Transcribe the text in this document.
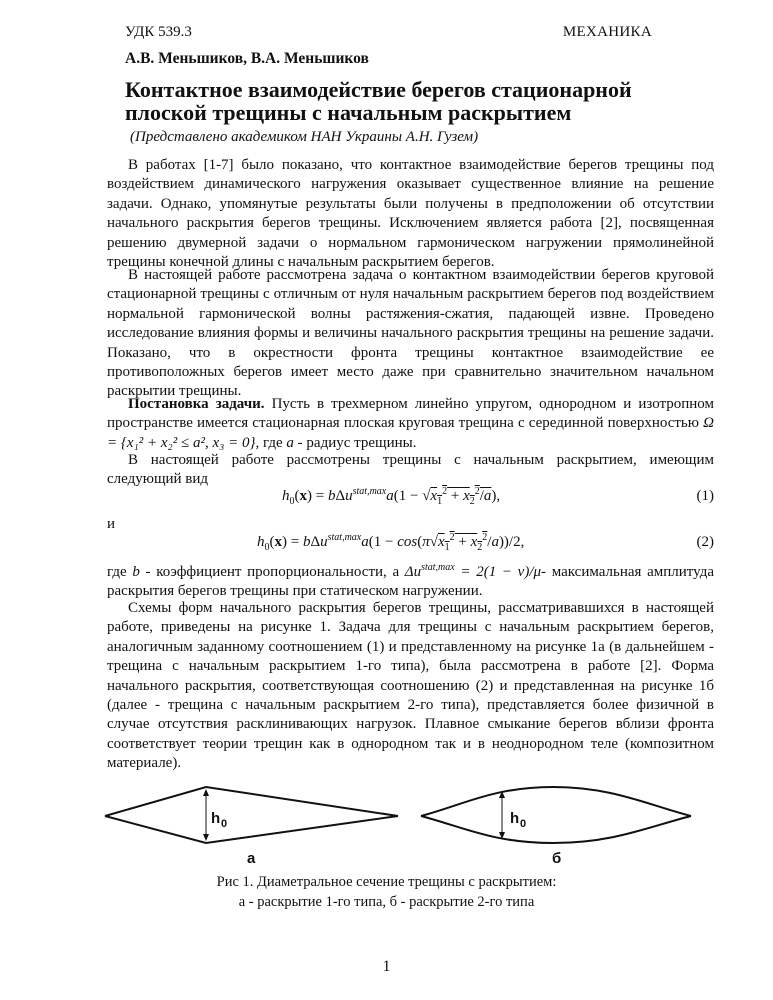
УДК 539.3	МЕХАНИКА
А.В. Меньшиков, В.А. Меньшиков
Контактное взаимодействие берегов стационарной плоской трещины с начальным раскрытием
(Представлено академиком НАН Украины А.Н. Гузем)

В работах [1-7] было показано, что контактное взаимодействие берегов трещины под воздействием динамического нагружения оказывает существенное влияние на решение задачи. Однако, упомянутые результаты были получены в предположении об отсутствии начального раскрытия берегов трещины. Исключением является работа [2], посвященная решению двумерной задачи о нормальном гармоническом нагружении прямолинейной трещины конечной длины с начальным раскрытием берегов.

В настоящей работе рассмотрена задача о контактном взаимодействии берегов круговой стационарной трещины с отличным от нуля начальным раскрытием берегов под воздействием нормальной гармонической волны растяжения-сжатия, падающей извне. Проведено исследование влияния формы и величины начального раскрытия трещины на решение задачи. Показано, что в окрестности фронта трещины контактное взаимодействие ее противоположных берегов имеет место даже при сравнительно значительном начальном раскрытии трещины.

Постановка задачи. Пусть в трехмерном линейно упругом, однородном и изотропном пространстве имеется стационарная плоская круговая трещина с серединной поверхностью Ω = {x₁² + x₂² ≤ a², x₃ = 0}, где a - радиус трещины.

В настоящей работе рассмотрены трещины с начальным раскрытием, имеющим следующий вид

$h_0(x) = b\Delta u^{stat,max}a(1 - √x_1^2 + x_2^2/a)$,	(1)
и
$h_0(x) = b\Delta u^{stat,max}a(1 - \cos(\pi√x_1^2 + x_2^2/a))/2$,	(2)

где b - коэффициент пропорциональности, а $\Delta u^{stat,max} = 2(1 - \nu)/\mu-$ максимальная амплитуда раскрытия берегов трещины при статическом нагружении.

Схемы форм начального раскрытия берегов трещины, рассматривавшихся в настоящей работе, приведены на рисунке 1. Задача для трещины с начальным раскрытием берегов, аналогичным заданному соотношением (1) и представленному на рисунке 1а (в дальнейшем - трещина с начальным раскрытием 1-го типа), была рассмотрена в работе [2]. Форма начального раскрытия, соответствующая соотношению (2) и представленная на рисунке 1б (далее - трещина с начальным раскрытием 2-го типа), представляется более физичной в случае отсутствия расклинивающих нагрузок. Плавное смыкание берегов вблизи фронта соответствует теории трещин как в однородном так и в неоднородном теле (композитном материале).

h 0
а
h 0
б
Рис 1. Диаметральное сечение трещины с раскрытием:
а - раскрытие 1-го типа, б - раскрытие 2-го типа
1
